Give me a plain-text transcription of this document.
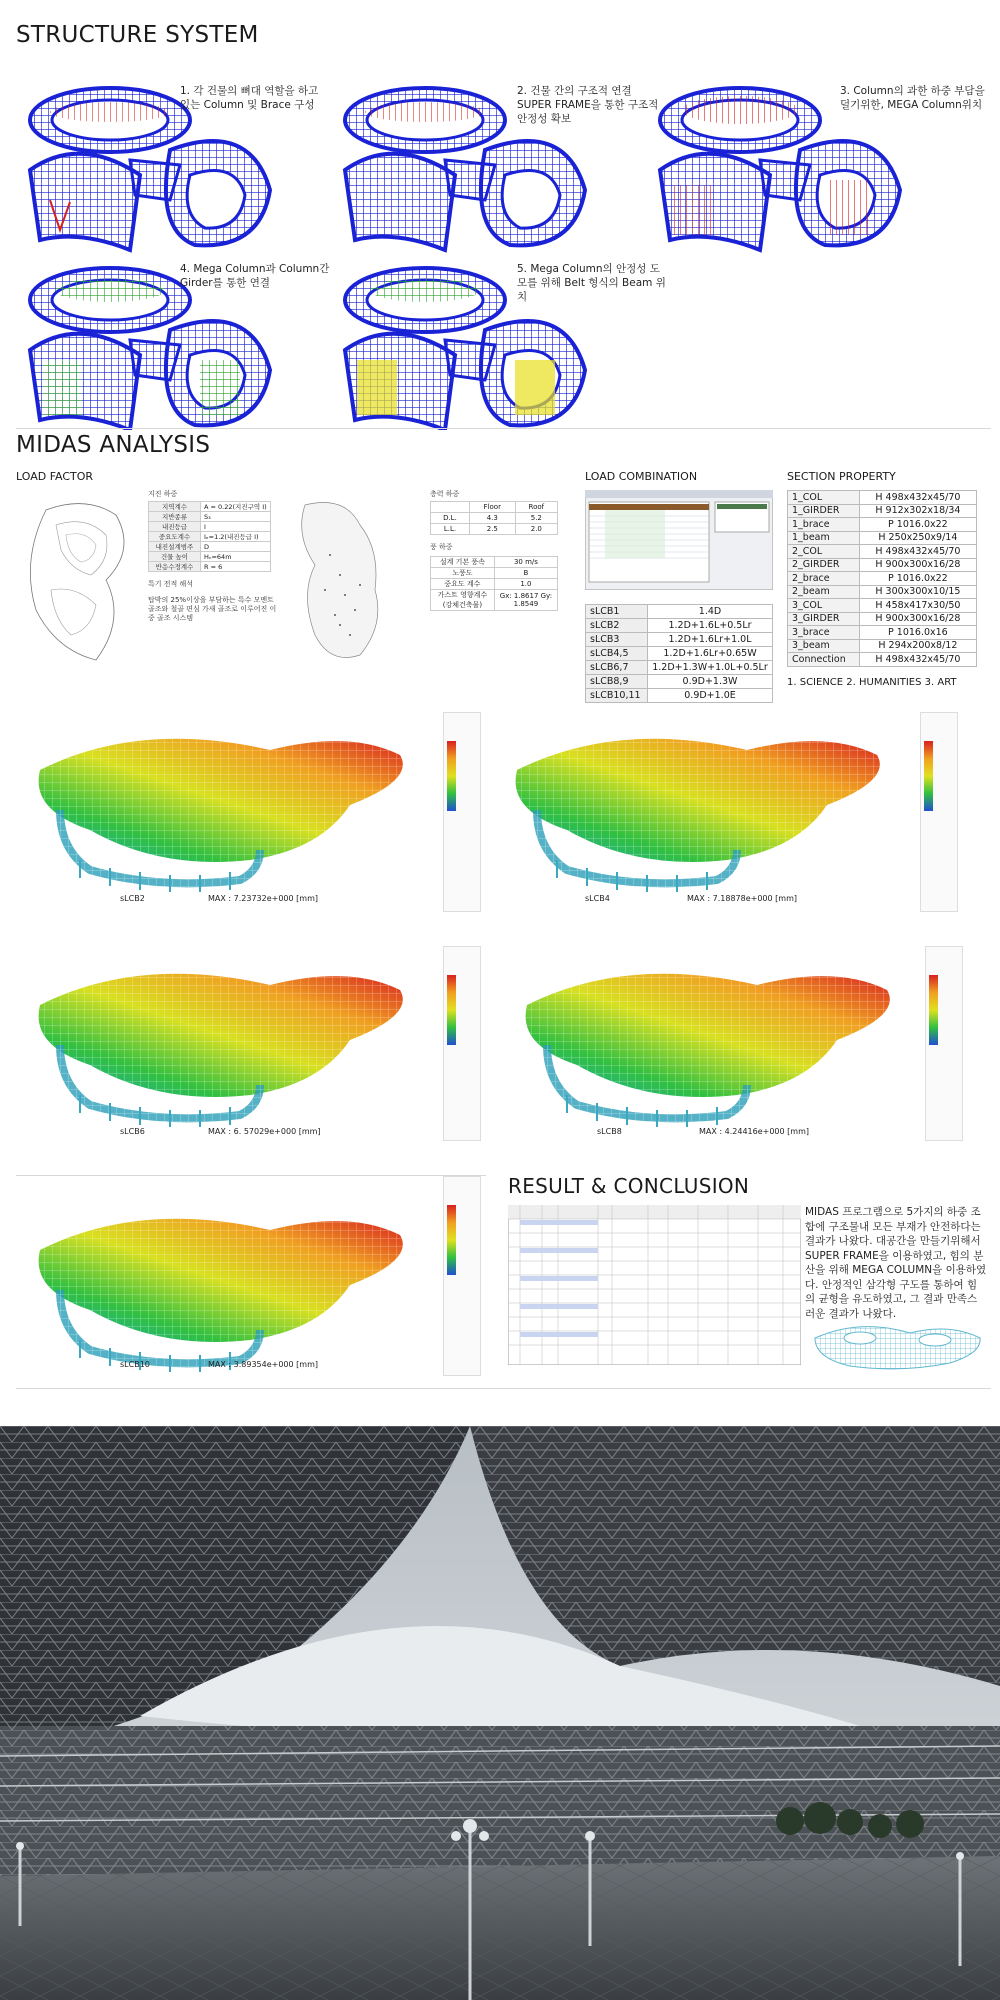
STRUCTURE SYSTEM
1. 각 건물의 뼈대 역할을 하고 있는 Column 및 Brace 구성
2. 건물 간의 구조적 연결 SUPER FRAME을 통한 구조적 안정성 확보
3. Column의 과한 하중 부담을 덜기위한, MEGA Column위치
4. Mega Column과 Column간 Girder를 통한 연결
5. Mega Column의 안정성 도모를 위해 Belt 형식의 Beam 위치
MIDAS ANALYSIS
LOAD FACTOR
지진 하중
지역계수	A = 0.22(지진구역 Ⅰ)
지반종류	S₃
내진등급	Ⅰ
중요도계수	Iₑ=1.2(내진등급 Ⅰ)
내진설계범주	D
건물 높이	Hₙ=64m
반응수정계수	R = 6
특기 전적 해석
탑박의 25%이상을 부담하는 특수 모멘트 골조와 철골 편심 가새 골조로 이루어진 이중 골조 시스템
층력 하중
	Floor	Roof
D.L.	4.3	5.2
L.L.	2.5	2.0
풍 하중
설계 기본 풍속	30 m/s
노풍도	B
중요도 계수	1.0
가스트 영향계수 (강체건축물)	Gx: 1.8617 Gy: 1.8549
LOAD COMBINATION
sLCB1	1.4D
sLCB2	1.2D+1.6L+0.5Lr
sLCB3	1.2D+1.6Lr+1.0L
sLCB4,5	1.2D+1.6Lr+0.65W
sLCB6,7	1.2D+1.3W+1.0L+0.5Lr
sLCB8,9	0.9D+1.3W
sLCB10,11	0.9D+1.0E
SECTION PROPERTY
1_COL	H 498x432x45/70
1_GIRDER	H 912x302x18/34
1_brace	P 1016.0x22
1_beam	H 250x250x9/14
2_COL	H 498x432x45/70
2_GIRDER	H 900x300x16/28
2_brace	P 1016.0x22
2_beam	H 300x300x10/15
3_COL	H 458x417x30/50
3_GIRDER	H 900x300x16/28
3_brace	P 1016.0x16
3_beam	H 294x200x8/12
Connection	H 498x432x45/70
1. SCIENCE 2. HUMANITIES 3. ART
sLCB2	MAX : 7.23732e+000 [mm]	sLCB4	MAX : 7.18878e+000 [mm]
sLCB6	MAX : 6. 57029e+000 [mm]	sLCB8	MAX : 4.24416e+000 [mm]
sLCB10	MAX : 3.89354e+000 [mm]
RESULT & CONCLUSION
MIDAS 프로그램으로 5가지의 하중 조합에 구조물내 모든 부재가 안전하다는 결과가 나왔다. 대공간을 만들기위해서 SUPER FRAME을 이용하였고, 힘의 분산을 위해 MEGA COLUMN을 이용하였다. 안정적인 삼각형 구도를 통하여 힘의 균형을 유도하였고, 그 결과 만족스러운 결과가 나왔다.
